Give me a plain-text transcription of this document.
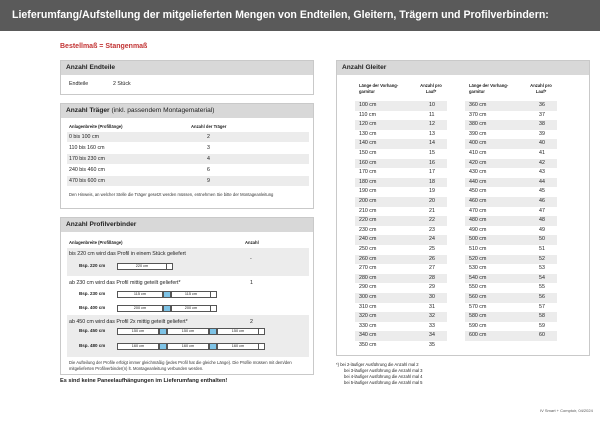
Lieferumfang/Aufstellung der mitgelieferten Mengen von Endteilen, Gleitern, Trägern und Profilverbindern:
Bestellmaß = Stangenmaß
Anzahl Endteile
Endteile	2 Stück
Anzahl Träger (inkl. passendem Montagematerial)
Anlagenbreite (Profillänge)	Anzahl der Träger
0 bis 100 cm	2
110 bis 160 cm	3
170 bis 230 cm	4
240 bis 460 cm	6
470 bis 600 cm	9
Den Hinweis, an welcher Stelle die Träger gesetzt werden müssen, entnehmen Sie bitte der Montageanleitung
Anzahl Profilverbinder
Anlagenbreite (Profillänge)	Anzahl
bis 220 cm wird das Profil in einem Stück geliefert
-
Bsp. 220 cm	220 cm
ab 230 cm wird das Profil mittig geteilt geliefert*	1
Bsp. 230 cm	115 cm	115 cm
Bsp. 400 cm	200 cm	200 cm
ab 450 cm wird das Profil 2x mittig geteilt geliefert*	2
Bsp. 450 cm	150 cm	150 cm	150 cm
Bsp. 480 cm	160 cm	160 cm	160 cm
Die Aufteilung der Profile erfolgt immer gleichmäßig (jedes Profil hat die gleiche Länge). Die Profile müssen mit dem/den mitgelieferten Profilverbinder(n) lt. Montageanleitung verbunden werden.
Es sind keine Paneelaufhängungen im Lieferumfang enthalten!
Anzahl Gleiter
Länge der Vorhang-garnitur
Anzahl pro Lauf*
Länge der Vorhang-garnitur
Anzahl pro Lauf*
100 cm	10
110 cm	11
120 cm	12
130 cm	13
140 cm	14
150 cm	15
160 cm	16
170 cm	17
180 cm	18
190 cm	19
200 cm	20
210 cm	21
220 cm	22
230 cm	23
240 cm	24
250 cm	25
260 cm	26
270 cm	27
280 cm	28
290 cm	29
300 cm	30
310 cm	31
320 cm	32
330 cm	33
340 cm	34
350 cm	35
360 cm	36
370 cm	37
380 cm	38
390 cm	39
400 cm	40
410 cm	41
420 cm	42
430 cm	43
440 cm	44
450 cm	45
460 cm	46
470 cm	47
480 cm	48
490 cm	49
500 cm	50
510 cm	51
520 cm	52
530 cm	53
540 cm	54
550 cm	55
560 cm	56
570 cm	57
580 cm	58
590 cm	59
600 cm	60
*) bei 2-läufiger Ausführung die Anzahl mal 2
bei 3-läufiger Ausführung die Anzahl mal 3
bei 4-läufiger Ausführung die Anzahl mal 4
bei 5-läufiger Ausführung die Anzahl mal 5
IV Smart + Comptoir, 04/2024
